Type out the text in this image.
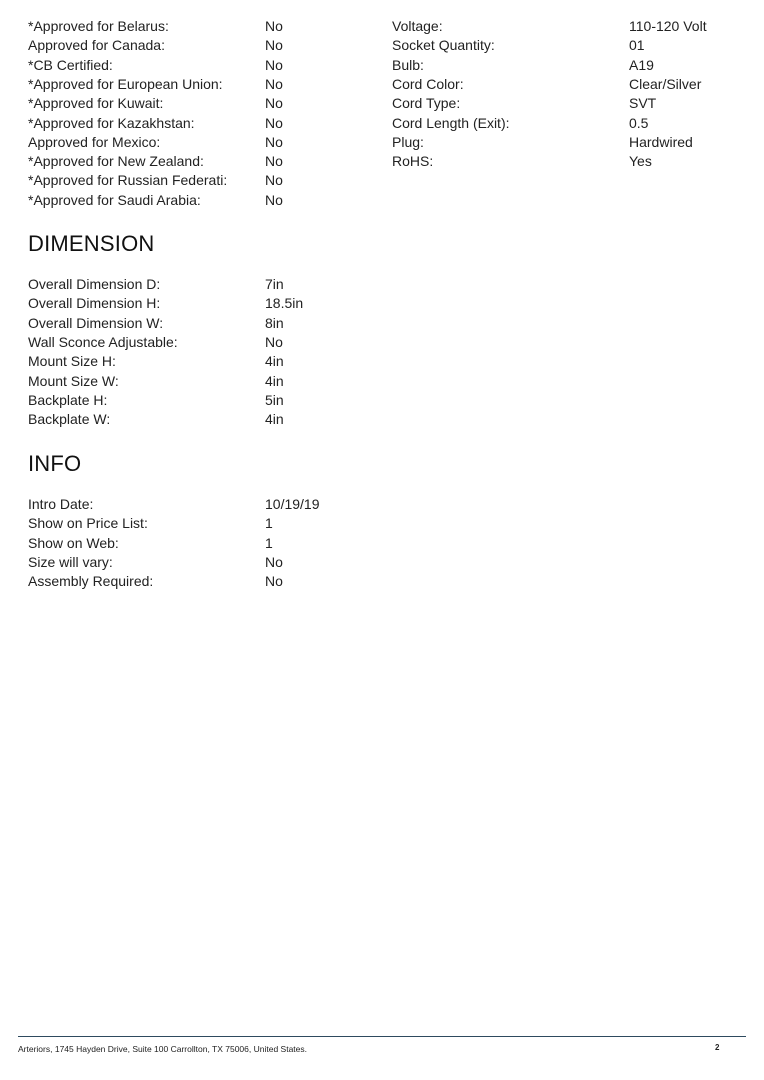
*Approved for Belarus:	No
Approved for Canada:	No
*CB Certified:	No
*Approved for European Union:	No
*Approved for Kuwait:	No
*Approved for Kazakhstan:	No
Approved for Mexico:	No
*Approved for New Zealand:	No
*Approved for Russian Federati:	No
*Approved for Saudi Arabia:	No
Voltage:	110-120 Volt
Socket Quantity:	01
Bulb:	A19
Cord Color:	Clear/Silver
Cord Type:	SVT
Cord Length (Exit):	0.5
Plug:	Hardwired
RoHS:	Yes
DIMENSION
Overall Dimension D:	7in
Overall Dimension H:	18.5in
Overall Dimension W:	8in
Wall Sconce Adjustable:	No
Mount Size H:	4in
Mount Size W:	4in
Backplate H:	5in
Backplate W:	4in
INFO
Intro Date:	10/19/19
Show on Price List:	1
Show on Web:	1
Size will vary:	No
Assembly Required:	No
Arteriors, 1745 Hayden Drive, Suite 100 Carrollton, TX 75006, United States.	2
